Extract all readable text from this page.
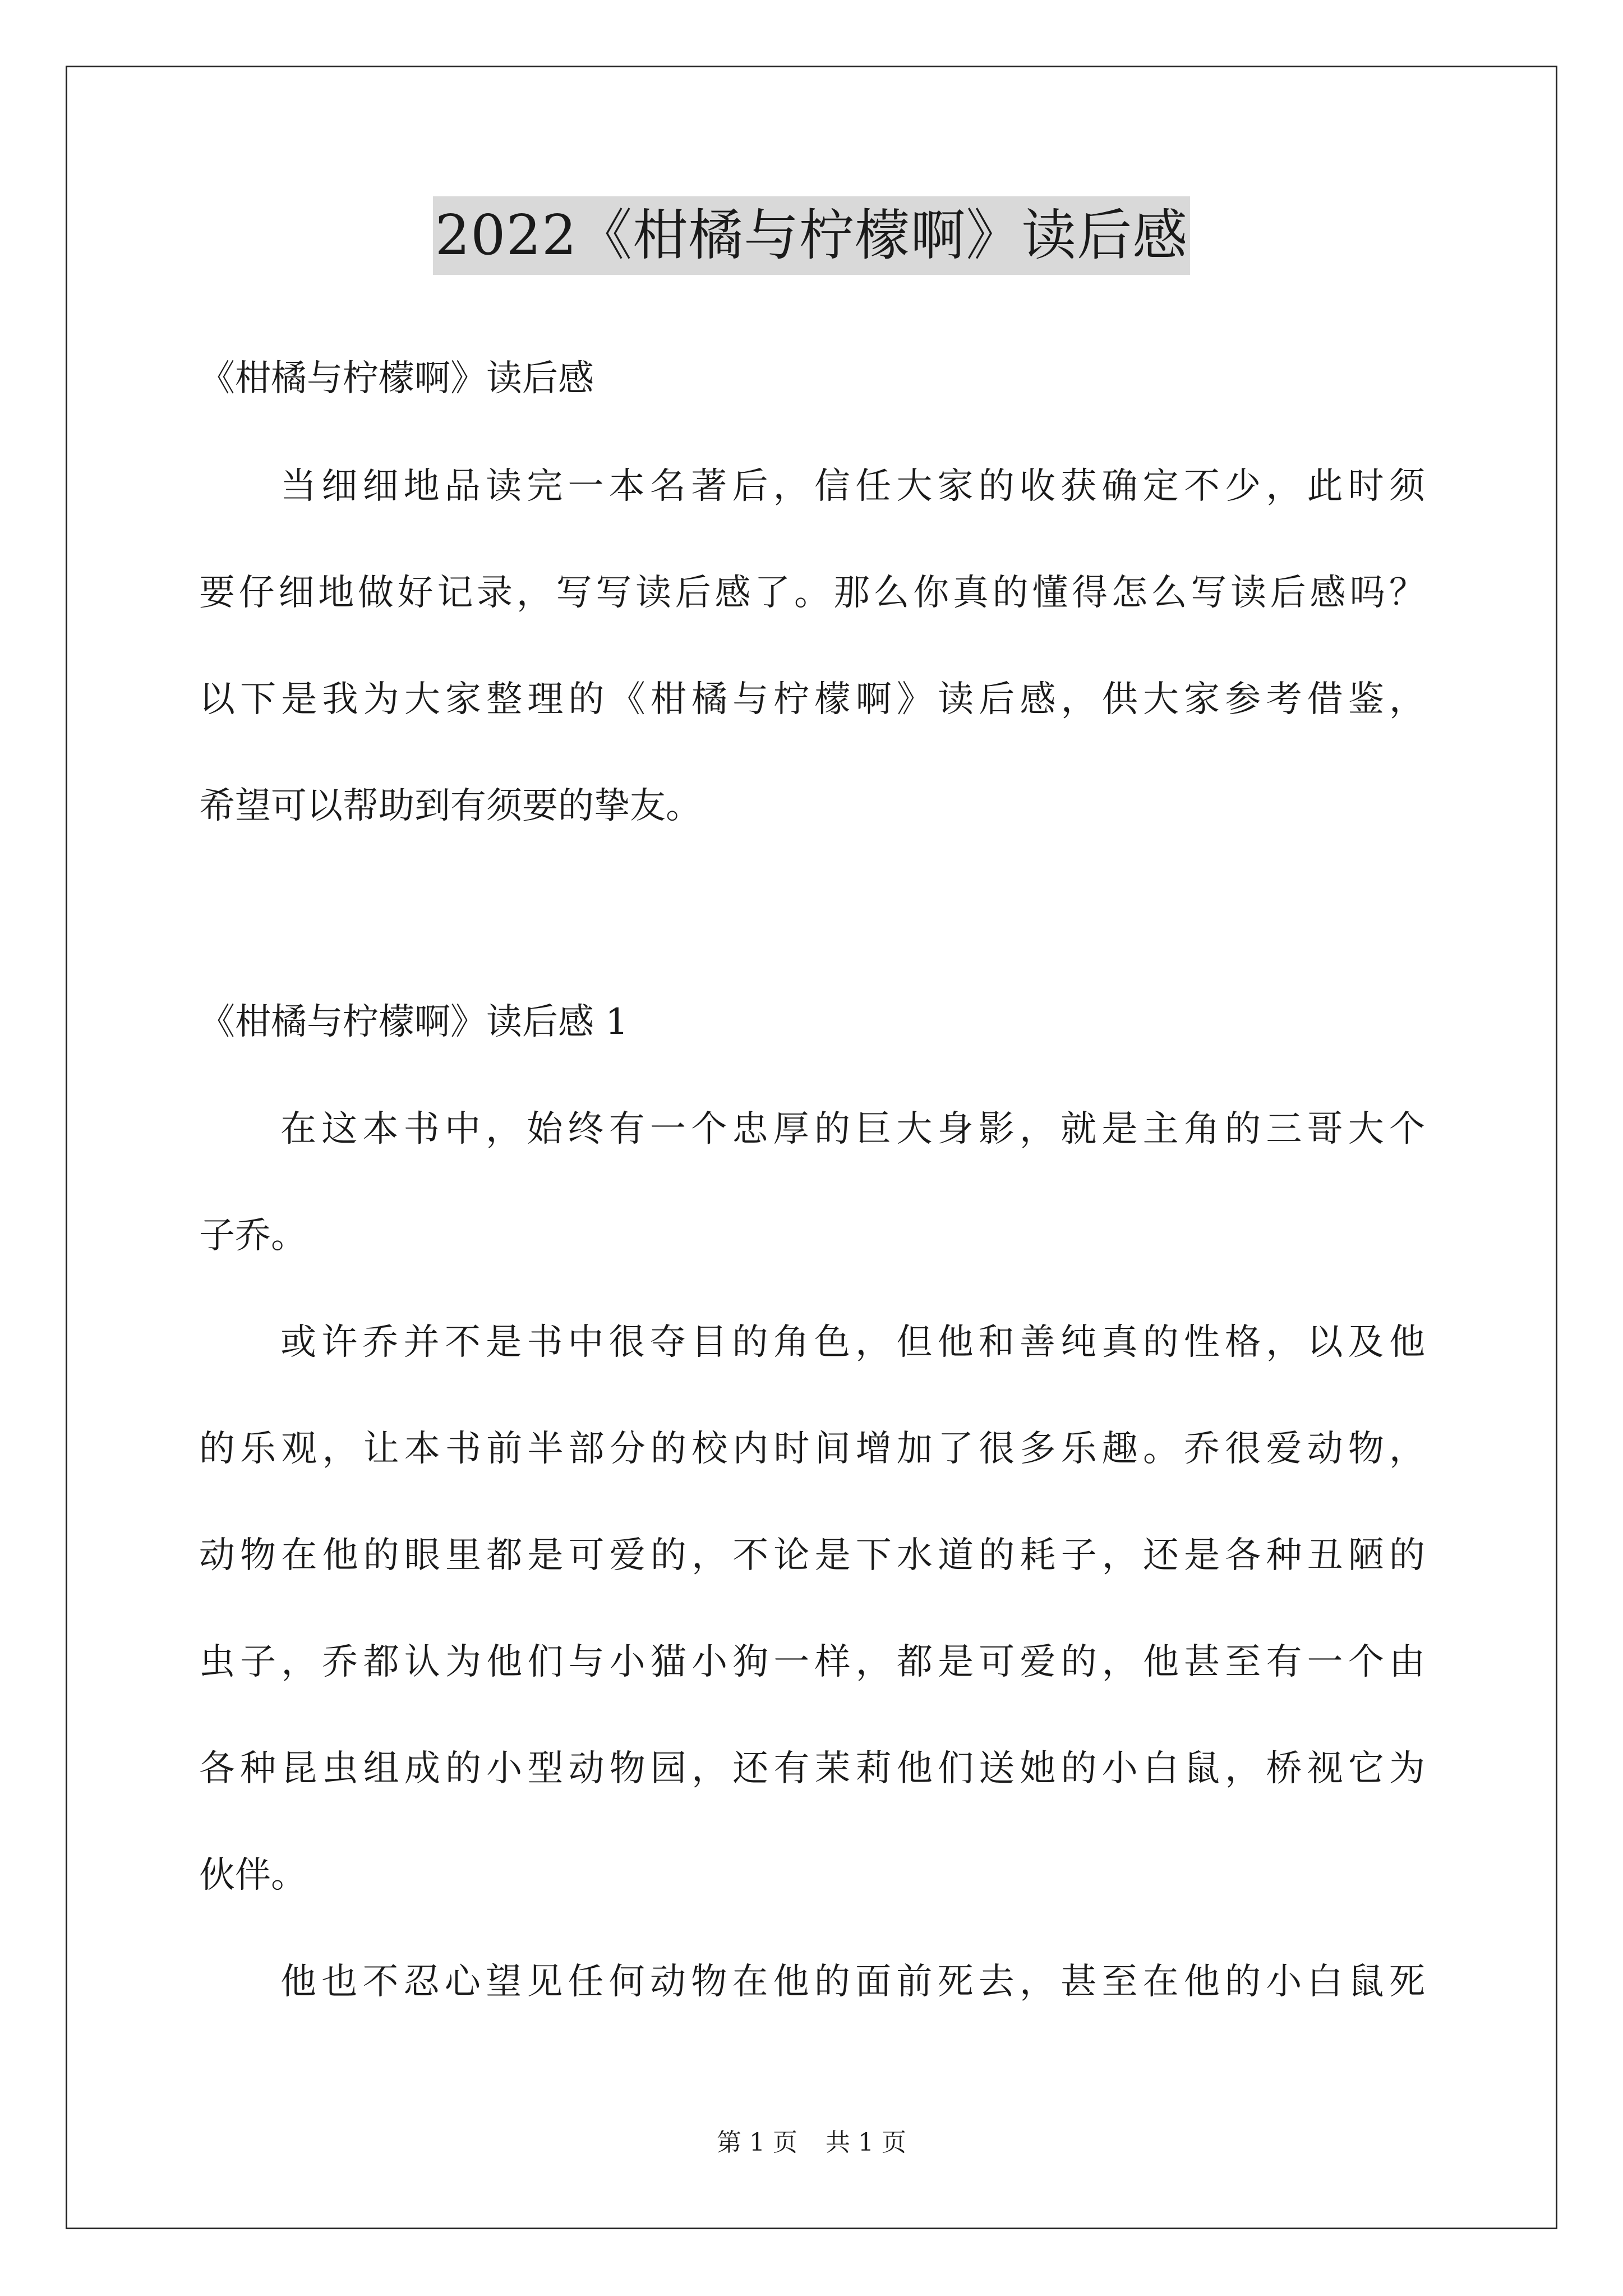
2022《柑橘与柠檬啊》读后感
《柑橘与柠檬啊》读后感
当细细地品读完一本名著后，信任大家的收获确定不少，此时须
要仔细地做好记录，写写读后感了。那么你真的懂得怎么写读后感吗？
以下是我为大家整理的《柑橘与柠檬啊》读后感，供大家参考借鉴，
希望可以帮助到有须要的挚友。
《柑橘与柠檬啊》读后感 1
在这本书中，始终有一个忠厚的巨大身影，就是主角的三哥大个
子乔。
或许乔并不是书中很夺目的角色，但他和善纯真的性格，以及他
的乐观，让本书前半部分的校内时间增加了很多乐趣。乔很爱动物，
动物在他的眼里都是可爱的，不论是下水道的耗子，还是各种丑陋的
虫子，乔都认为他们与小猫小狗一样，都是可爱的，他甚至有一个由
各种昆虫组成的小型动物园，还有茉莉他们送她的小白鼠，桥视它为
伙伴。
他也不忍心望见任何动物在他的面前死去，甚至在他的小白鼠死
第 1 页 共 1 页
